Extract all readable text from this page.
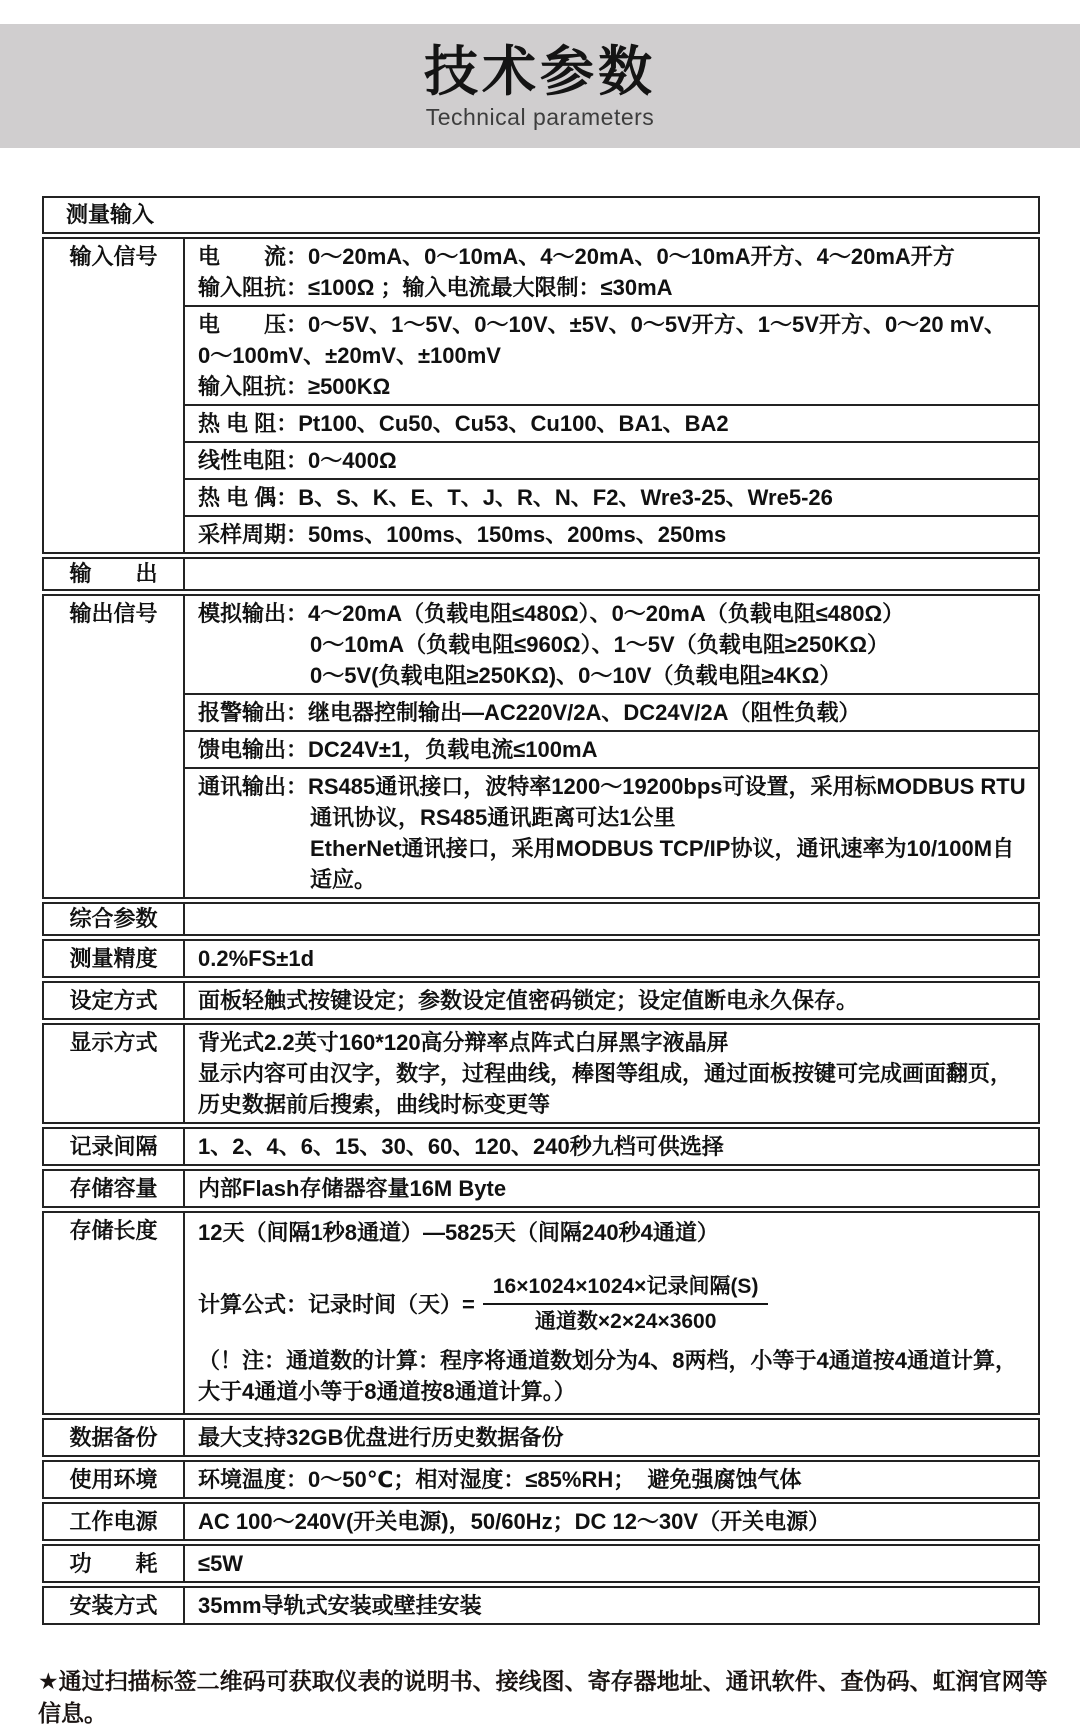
技术参数
Technical parameters
测量输入
输入信号	电　　流：0～20mA、0～10mA、4～20mA、0～10mA开方、4～20mA开方
输入阻抗：≤100Ω ；输入电流最大限制：≤30mA
电　　压：0～5V、1～5V、0～10V、±5V、0～5V开方、1～5V开方、0～20 mV、
0～100mV、±20mV、±100mV
输入阻抗：≥500KΩ
热 电 阻：Pt100、Cu50、Cu53、Cu100、BA1、BA2
线性电阻：0～400Ω
热 电 偶：B、S、K、E、T、J、R、N、F2、Wre3-25、Wre5-26
采样周期：50ms、100ms、150ms、200ms、250ms
输　　出
输出信号	模拟输出：4～20mA（负载电阻≤480Ω）、0～20mA（负载电阻≤480Ω）
0～10mA（负载电阻≤960Ω）、1～5V（负载电阻≥250KΩ）
0～5V(负载电阻≥250KΩ)、0～10V（负载电阻≥4KΩ）
报警输出：继电器控制输出—AC220V/2A、DC24V/2A（阻性负载）
馈电输出：DC24V±1，负载电流≤100mA
通讯输出：RS485通讯接口，波特率1200～19200bps可设置，采用标MODBUS RTU
通讯协议，RS485通讯距离可达1公里
EtherNet通讯接口，采用MODBUS TCP/IP协议，通讯速率为10/100M自适应。
综合参数
测量精度	0.2%FS±1d
设定方式	面板轻触式按键设定；参数设定值密码锁定；设定值断电永久保存。
显示方式	背光式2.2英寸160*120高分辩率点阵式白屏黑字液晶屏
显示内容可由汉字，数字，过程曲线，棒图等组成，通过面板按键可完成画面翻页，
历史数据前后搜索，曲线时标变更等
记录间隔	1、2、4、6、15、30、60、120、240秒九档可供选择
存储容量	内部Flash存储器容量16M Byte
存储长度	12天（间隔1秒8通道）—5825天（间隔240秒4通道）
计算公式：记录时间（天）= $\frac{\text{16×1024×1024×记录间隔(S)}}{\text{通道数×2×24×3600}}$
（！注：通道数的计算：程序将通道数划分为4、8两档，小等于4通道按4通道计算，
大于4通道小等于8通道按8通道计算。）
数据备份	最大支持32GB优盘进行历史数据备份
使用环境	环境温度：0～50℃；相对湿度：≤85%RH；  避免强腐蚀气体
工作电源	AC 100～240V(开关电源)，50/60Hz；DC 12～30V（开关电源）
功　　耗	≤5W
安装方式	35mm导轨式安装或壁挂安装
★通过扫描标签二维码可获取仪表的说明书、接线图、寄存器地址、通讯软件、查伪码、虹润官网等信息。
